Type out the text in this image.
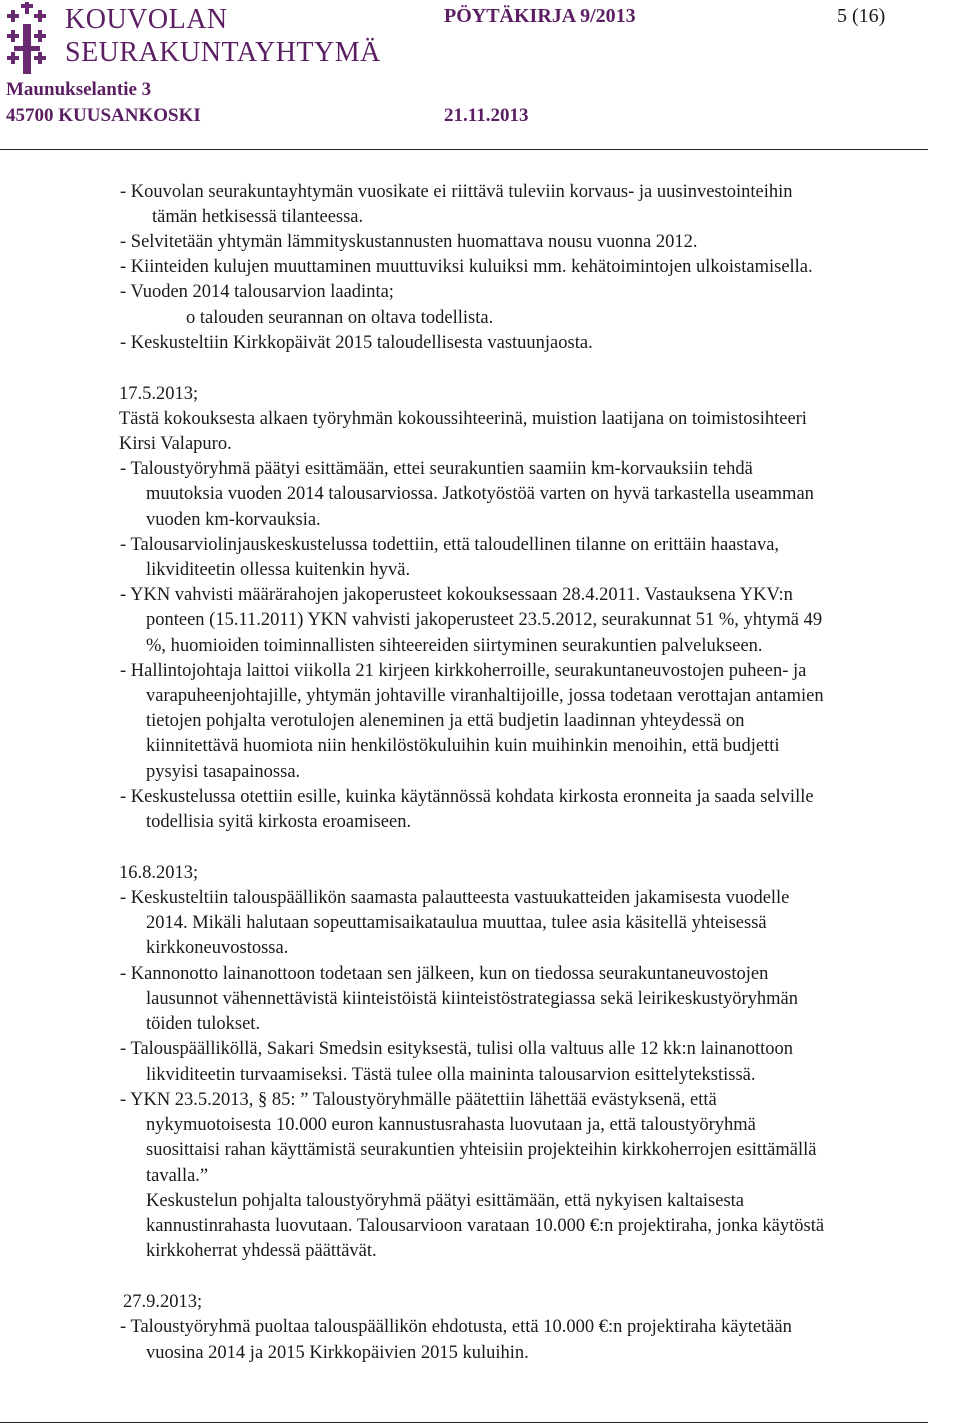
KOUVOLAN
SEURAKUNTAYHTYMÄ
PÖYTÄKIRJA 9/2013	5 (16)
Maunukselantie 3
45700 KUUSANKOSKI	21.11.2013
- Kouvolan seurakuntayhtymän vuosikate ei riittävä tuleviin korvaus- ja uusinvestointeihin
tämän hetkisessä tilanteessa.
- Selvitetään yhtymän lämmityskustannusten huomattava nousu vuonna 2012.
- Kiinteiden kulujen muuttaminen muuttuviksi kuluiksi mm. kehätoimintojen ulkoistamisella.
- Vuoden 2014 talousarvion laadinta;
o talouden seurannan on oltava todellista.
- Keskusteltiin Kirkkopäivät 2015 taloudellisesta vastuunjaosta.
17.5.2013;
Tästä kokouksesta alkaen työryhmän kokoussihteerinä, muistion laatijana on toimistosihteeri
Kirsi Valapuro.
- Taloustyöryhmä päätyi esittämään, ettei seurakuntien saamiin km-korvauksiin tehdä
muutoksia vuoden 2014 talousarviossa. Jatkotyöstöä varten on hyvä tarkastella useamman
vuoden km-korvauksia.
- Talousarviolinjauskeskustelussa todettiin, että taloudellinen tilanne on erittäin haastava,
likviditeetin ollessa kuitenkin hyvä.
- YKN vahvisti määrärahojen jakoperusteet kokouksessaan 28.4.2011. Vastauksena YKV:n
ponteen (15.11.2011) YKN vahvisti jakoperusteet 23.5.2012, seurakunnat 51 %, yhtymä 49
%, huomioiden toiminnallisten sihteereiden siirtyminen seurakuntien palvelukseen.
- Hallintojohtaja laittoi viikolla 21 kirjeen kirkkoherroille, seurakuntaneuvostojen puheen- ja
varapuheenjohtajille, yhtymän johtaville viranhaltijoille, jossa todetaan verottajan antamien
tietojen pohjalta verotulojen aleneminen ja että budjetin laadinnan yhteydessä on
kiinnitettävä huomiota niin henkilöstökuluihin kuin muihinkin menoihin, että budjetti
pysyisi tasapainossa.
- Keskustelussa otettiin esille, kuinka käytännössä kohdata kirkosta eronneita ja saada selville
todellisia syitä kirkosta eroamiseen.
16.8.2013;
- Keskusteltiin talouspäällikön saamasta palautteesta vastuukatteiden jakamisesta vuodelle
2014. Mikäli halutaan sopeuttamisaikataulua muuttaa, tulee asia käsitellä yhteisessä
kirkkoneuvostossa.
- Kannonotto lainanottoon todetaan sen jälkeen, kun on tiedossa seurakuntaneuvostojen
lausunnot vähennettävistä kiinteistöistä kiinteistöstrategiassa sekä leirikeskustyöryhmän
töiden tulokset.
- Talouspäälliköllä, Sakari Smedsin esityksestä, tulisi olla valtuus alle 12 kk:n lainanottoon
likviditeetin turvaamiseksi. Tästä tulee olla maininta talousarvion esittelytekstissä.
- YKN 23.5.2013, § 85: ” Taloustyöryhmälle päätettiin lähettää evästyksenä, että
nykymuotoisesta 10.000 euron kannustusrahasta luovutaan ja, että taloustyöryhmä
suosittaisi rahan käyttämistä seurakuntien yhteisiin projekteihin kirkkoherrojen esittämällä
tavalla.”
Keskustelun pohjalta taloustyöryhmä päätyi esittämään, että nykyisen kaltaisesta
kannustinrahasta luovutaan. Talousarvioon varataan 10.000 €:n projektiraha, jonka käytöstä
kirkkoherrat yhdessä päättävät.
27.9.2013;
- Taloustyöryhmä puoltaa talouspäällikön ehdotusta, että 10.000 €:n projektiraha käytetään
vuosina 2014 ja 2015 Kirkkopäivien 2015 kuluihin.
